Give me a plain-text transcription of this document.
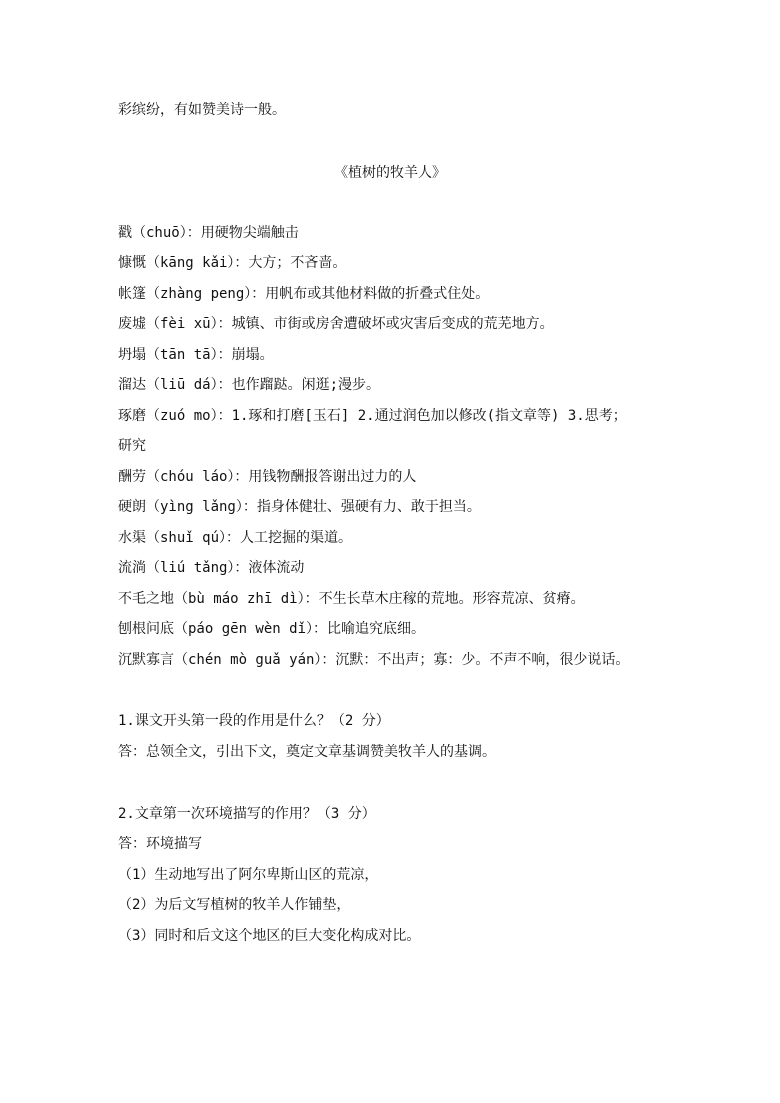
彩缤纷，有如赞美诗一般。
《植树的牧羊人》
戳（chuō）：用硬物尖端触击
慷慨（kāng kǎi）：大方；不吝啬。
帐篷（zhàng peng）：用帆布或其他材料做的折叠式住处。
废墟（fèi xū）：城镇、市街或房舍遭破坏或灾害后变成的荒芜地方。
坍塌（tān tā）：崩塌。
溜达（liū dá）：也作蹓跶。闲逛;漫步。
琢磨（zuó mo）：1.琢和打磨[玉石] 2.通过润色加以修改(指文章等) 3.思考；
研究
酬劳（chóu láo）：用钱物酬报答谢出过力的人
硬朗（yìng lǎng）：指身体健壮、强硬有力、敢于担当。
水渠（shuǐ qú）：人工挖掘的渠道。
流淌（liú tǎng）：液体流动
不毛之地（bù máo zhī dì）：不生长草木庄稼的荒地。形容荒凉、贫瘠。
刨根问底（páo gēn wèn dǐ）：比喻追究底细。
沉默寡言（chén mò guǎ yán）：沉默：不出声；寡：少。不声不响，很少说话。
1.课文开头第一段的作用是什么？（2 分）
答：总领全文，引出下文，奠定文章基调赞美牧羊人的基调。
2.文章第一次环境描写的作用？（3 分）
答：环境描写
（1）生动地写出了阿尔卑斯山区的荒凉，
（2）为后文写植树的牧羊人作铺垫，
（3）同时和后文这个地区的巨大变化构成对比。
